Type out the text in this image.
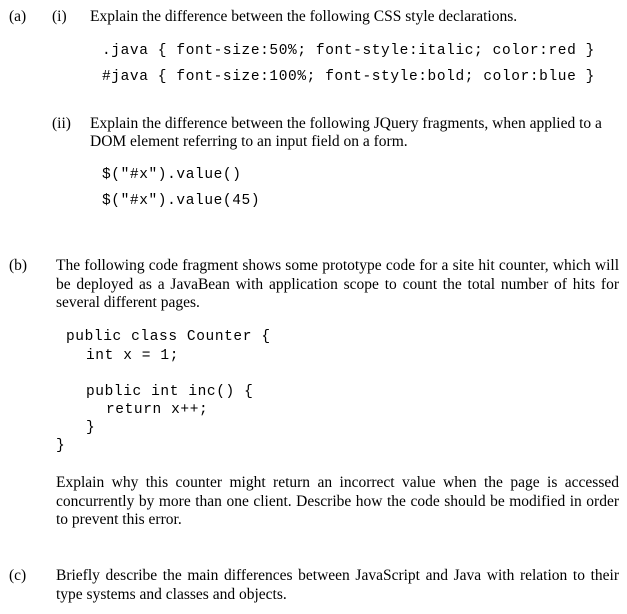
(a) (i) Explain the difference between the following CSS style declarations.
.java { font-size:50%; font-style:italic; color:red }
#java { font-size:100%; font-style:bold; color:blue }
(ii) Explain the difference between the following JQuery fragments, when applied to a
DOM element referring to an input field on a form.
$("#x").value()
$("#x").value(45)
(b) The following code fragment shows some prototype code for a site hit counter, which will be deployed as a JavaBean with application scope to count the total number of hits for several different pages.
public class Counter {
int x = 1;
public int inc() {
return x++;
}
}
Explain why this counter might return an incorrect value when the page is accessed concurrently by more than one client. Describe how the code should be modified in order to prevent this error.
(c) Briefly describe the main differences between JavaScript and Java with relation to their type systems and classes and objects.
